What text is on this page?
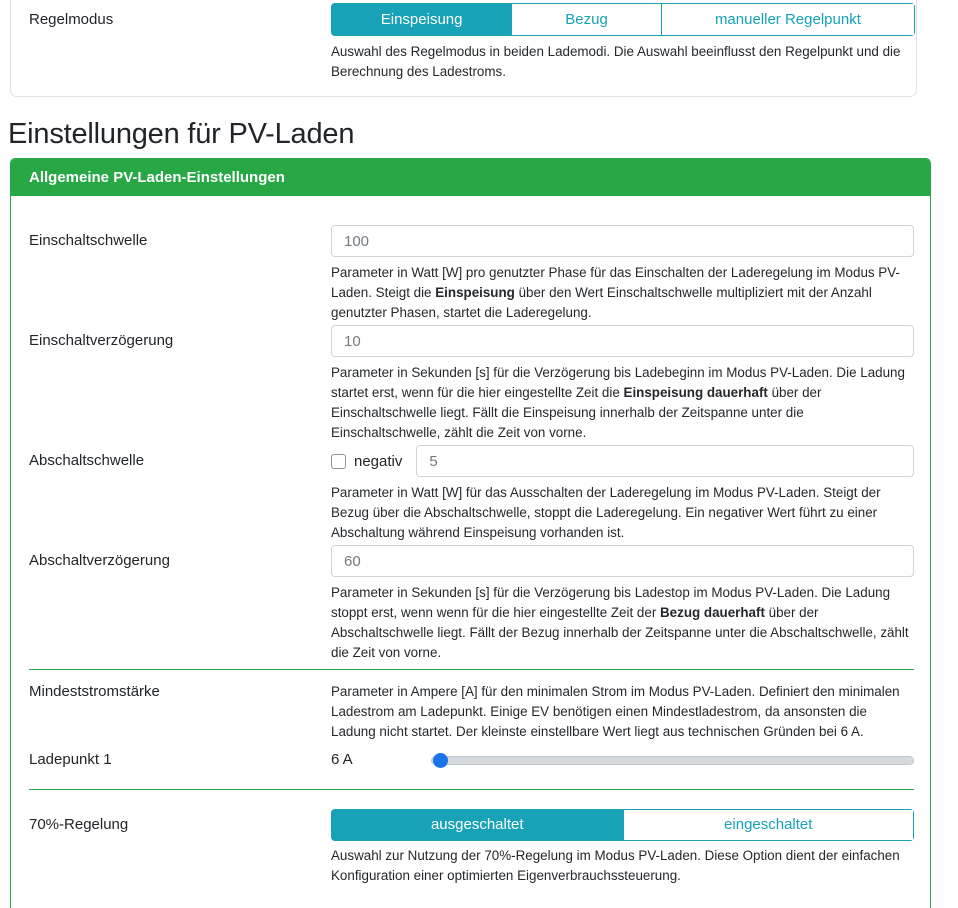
Regelmodus	Einspeisung	Bezug	manueller Regelpunkt
Auswahl des Regelmodus in beiden Lademodi. Die Auswahl beeinflusst den Regelpunkt und die Berechnung des Ladestroms.
Einstellungen für PV-Laden
Allgemeine PV-Laden-Einstellungen
Einschaltschwelle
100
Parameter in Watt [W] pro genutzter Phase für das Einschalten der Laderegelung im Modus PV-Laden. Steigt die Einspeisung über den Wert Einschaltschwelle multipliziert mit der Anzahl genutzter Phasen, startet die Laderegelung.
Einschaltverzögerung
10
Parameter in Sekunden [s] für die Verzögerung bis Ladebeginn im Modus PV-Laden. Die Ladung startet erst, wenn für die hier eingestellte Zeit die Einspeisung dauerhaft über der Einschaltschwelle liegt. Fällt die Einspeisung innerhalb der Zeitspanne unter die Einschaltschwelle, zählt die Zeit von vorne.
Abschaltschwelle	negativ
5
Parameter in Watt [W] für das Ausschalten der Laderegelung im Modus PV-Laden. Steigt der Bezug über die Abschaltschwelle, stoppt die Laderegelung. Ein negativer Wert führt zu einer Abschaltung während Einspeisung vorhanden ist.
Abschaltverzögerung
60
Parameter in Sekunden [s] für die Verzögerung bis Ladestop im Modus PV-Laden. Die Ladung stoppt erst, wenn wenn für die hier eingestellte Zeit der Bezug dauerhaft über der Abschaltschwelle liegt. Fällt der Bezug innerhalb der Zeitspanne unter die Abschaltschwelle, zählt die Zeit von vorne.
Mindeststromstärke	Parameter in Ampere [A] für den minimalen Strom im Modus PV-Laden. Definiert den minimalen Ladestrom am Ladepunkt. Einige EV benötigen einen Mindestladestrom, da ansonsten die Ladung nicht startet. Der kleinste einstellbare Wert liegt aus technischen Gründen bei 6 A.
Ladepunkt 1	6 A
70%-Regelung	ausgeschaltet	eingeschaltet
Auswahl zur Nutzung der 70%-Regelung im Modus PV-Laden. Diese Option dient der einfachen Konfiguration einer optimierten Eigenverbrauchssteuerung.
